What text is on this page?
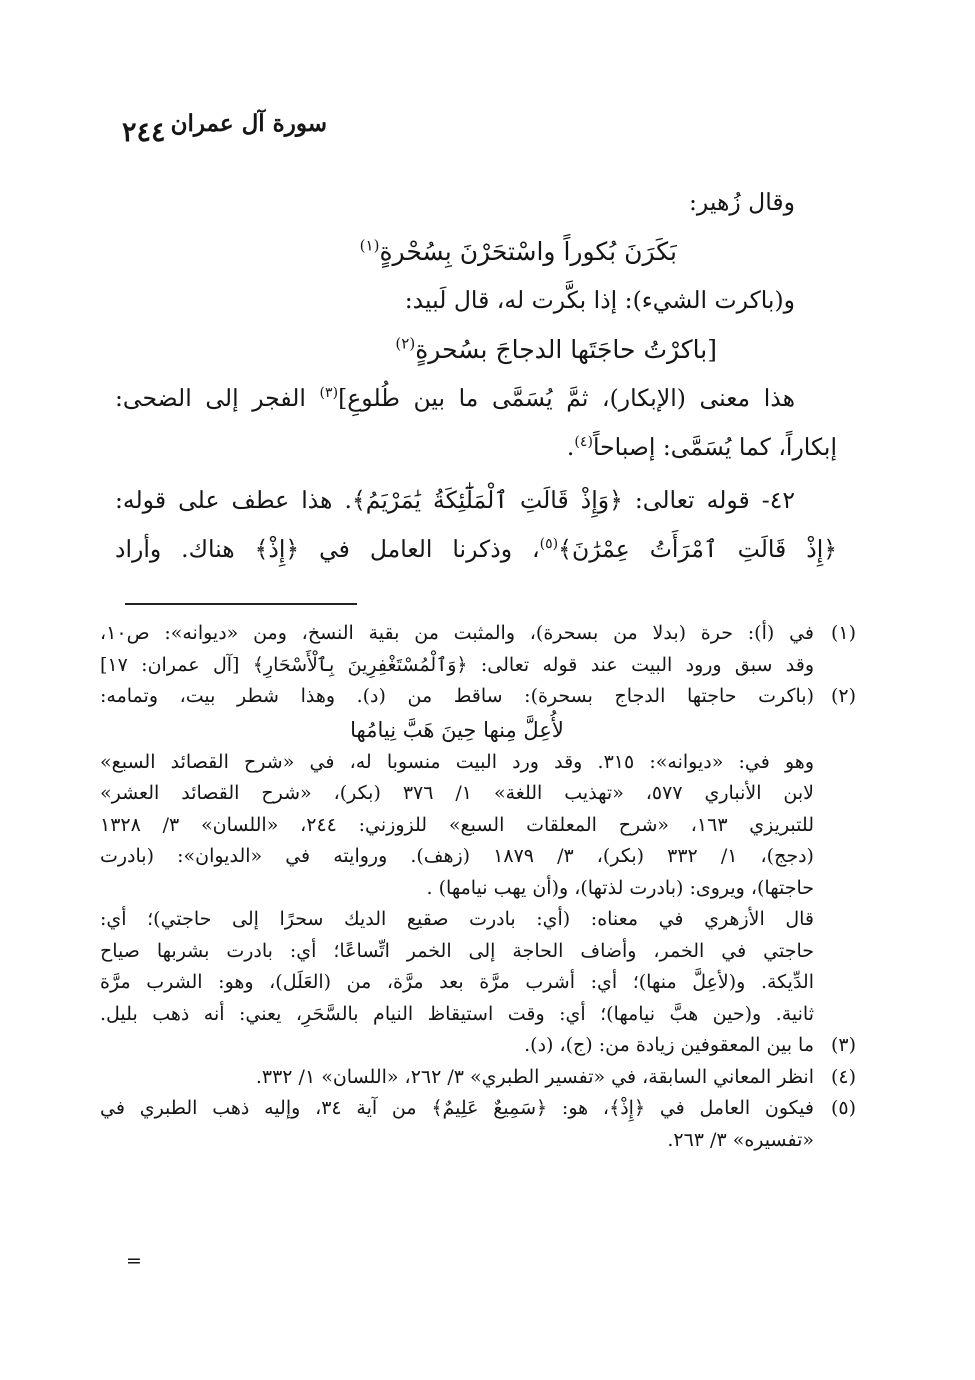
سورة آل عمران
٢٤٤

وقال زُهير:

بَكَرَنَ بُكوراً واسْتحَرْنَ بِسُحْرةٍ$^{(١)}$

و(باكرت الشيء): إذا بكَّرت له، قال لَبيد:

[باكرْتُ حاجَتَها الدجاجَ بسُحرةٍ$^{(٢)}$

هذا معنى (الإبكار)، ثمَّ يُسَمَّى ما بين طُلوعِ]$^{(٣)}$ الفجر إلى الضحى:

إبكاراً، كما يُسَمَّى: إصباحاً$^{(٤)}$.

٤٢- قوله تعالى: ﴿وَإِذْ قَالَتِ ٱلْمَلَٰٓئِكَةُ يَٰمَرْيَمُ﴾. هذا عطف على قوله:

﴿إِذْ قَالَتِ ٱمْرَأَتُ عِمْرَٰنَ﴾$^{(٥)}$، وذكرنا العامل في ﴿إِذْ﴾ هناك. وأراد

(١)
في (أ): حرة (بدلا من بسحرة)، والمثبت من بقية النسخ، ومن «ديوانه»: ص١٠،
وقد سبق ورود البيت عند قوله تعالى: ﴿وَٱلْمُسْتَغْفِرِينَ بِٱلْأَسْحَارِ﴾ [آل عمران: ١٧]
(٢)
(باكرت حاجتها الدجاج بسحرة): ساقط من (د). وهذا شطر بيت، وتمامه:
لأُعِلَّ مِنها حِينَ هَبَّ نِيامُها
وهو في: «ديوانه»: ٣١٥. وقد ورد البيت منسوبا له، في «شرح القصائد السبع»
لابن الأنباري ٥٧٧، «تهذيب اللغة» ١/ ٣٧٦ (بكر)، «شرح القصائد العشر»
للتبريزي ١٦٣، «شرح المعلقات السبع» للزوزني: ٢٤٤، «اللسان» ٣/ ١٣٢٨
(دجج)، ١/ ٣٣٢ (بكر)، ٣/ ١٨٧٩ (زهف). وروايته في «الديوان»: (بادرت
حاجتها)، ويروى: (بادرت لذتها)، و(أن يهب نيامها) .
قال الأزهري في معناه: (أي: بادرت صقيع الديك سحرًا إلى حاجتي)؛ أي:
حاجتي في الخمر، وأضاف الحاجة إلى الخمر اتِّساعًا؛ أي: بادرت بشربها صياح
الدِّيكة. و(لأعِلَّ منها)؛ أي: أشرب مرَّة بعد مرَّة، من (العَلَل)، وهو: الشرب مرَّة
ثانية. و(حين هبَّ نيامها)؛ أي: وقت استيقاظ النيام بالسَّحَرِ، يعني: أنه ذهب بليل.
(٣)
ما بين المعقوفين زيادة من: (ج)، (د).
(٤)
انظر المعاني السابقة، في «تفسير الطبري» ٣/ ٢٦٢، «اللسان» ١/ ٣٣٢.
(٥)
فيكون العامل في ﴿إِذْ﴾، هو: ﴿سَمِيعٌ عَلِيمٌ﴾ من آية ٣٤، وإليه ذهب الطبري في
«تفسيره» ٣/ ٢٦٣.
=
